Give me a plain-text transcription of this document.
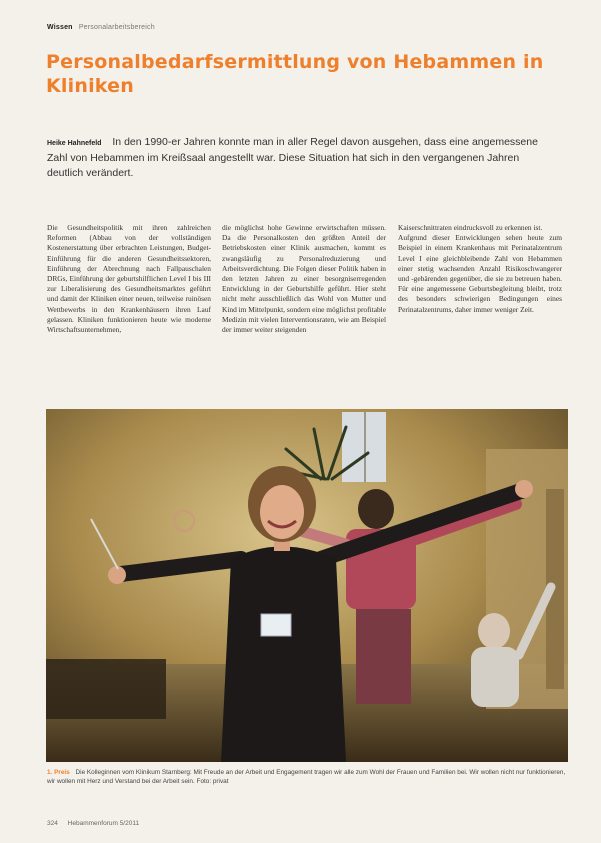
Wissen Personalarbeitsbereich
Personalbedarfsermittlung von Hebammen in Kliniken
Heike Hahnefeld In den 1990-er Jahren konnte man in aller Regel davon ausgehen, dass eine angemessene Zahl von Hebammen im Kreißsaal angestellt war. Diese Situation hat sich in den vergangenen Jahren deutlich verändert.

Die Gesundheitspolitik mit ihren zahlreichen Reformen (Abbau von der vollständigen Kostenerstattung über erbrachten Leistungen, Budget-Einführung für die anderen Gesundheitssektoren, Einführung der Abrechnung nach Fallpauschalen DRGs, Einführung der geburtshilflichen Level I bis III zur Liberalisierung des Gesundheitsmarktes geführt und damit der Kliniken einer neuen, teilweise ruinösen Wettbewerbs in den Krankenhäusern ihren Lauf gelassen. Kliniken funktionieren heute wie moderne Wirtschaftsunternehmen,

die möglichst hohe Gewinne erwirtschaften müssen. Da die Personalkosten den größten Anteil der Betriebskosten einer Klinik ausmachen, kommt es zwangsläufig zu Personalreduzierung und Arbeitsverdichtung. Die Folgen dieser Politik haben in den letzten Jahren zu einer besorgniserregenden Entwicklung in der Geburtshilfe geführt. Hier steht nicht mehr ausschließlich das Wohl von Mutter und Kind im Mittelpunkt, sondern eine möglichst profitable Medizin mit vielen Interventionsraten, wie am Beispiel der immer weiter steigenden

Kaiserschnittraten eindrucksvoll zu erkennen ist.
Aufgrund dieser Entwicklungen sehen heute zum Beispiel in einem Krankenhaus mit Perinatalzentrum Level I eine gleichbleibende Zahl von Hebammen einer stetig wachsenden Anzahl Risikoschwangerer und -gebärenden gegenüber, die sie zu betreuen haben. Für eine angemessene Geburtsbegleitung bleibt, trotz des besonders schwierigen Bedingungen eines Perinatalzentrums, daher immer weniger Zeit.

1. Preis Die Kolleginnen vom Klinikum Starnberg: Mit Freude an der Arbeit und Engagement tragen wir alle zum Wohl der Frauen und Familien bei. Wir wollen nicht nur funktionieren, wir wollen mit Herz und Verstand bei der Arbeit sein. Foto: privat
324 Hebammenforum 5/2011
